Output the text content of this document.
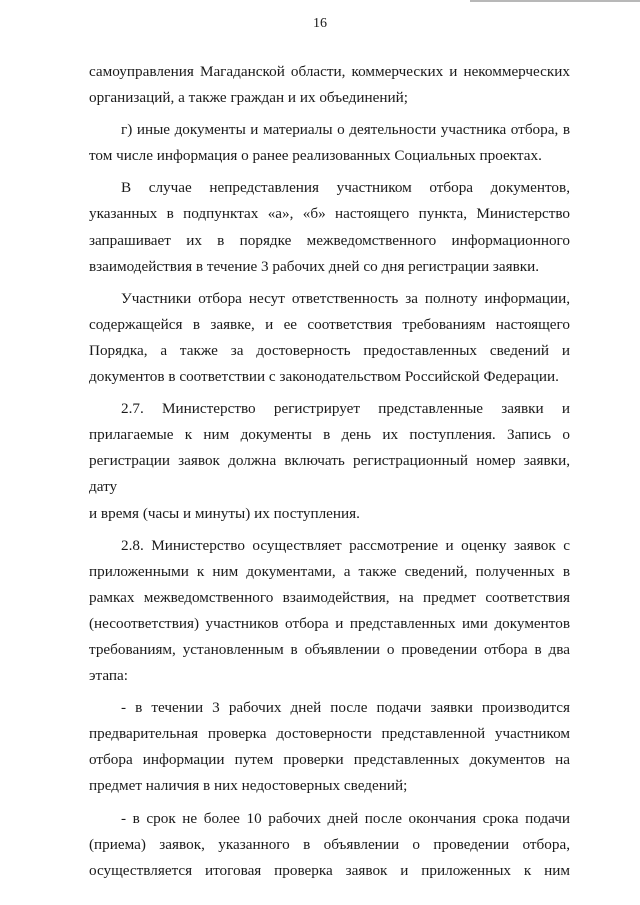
16

самоуправления Магаданской области, коммерческих и некоммерческих

организаций, а также граждан и их объединений;

г) иные документы и материалы о деятельности участника отбора, в

том числе информация о ранее реализованных Социальных проектах.

В случае непредставления участником отбора документов,

указанных в подпунктах «а», «б» настоящего пункта, Министерство

запрашивает их в порядке межведомственного информационного

взаимодействия в течение 3 рабочих дней со дня регистрации заявки.

Участники отбора несут ответственность за полноту информации,

содержащейся в заявке, и ее соответствия требованиям настоящего

Порядка, а также за достоверность предоставленных сведений и

документов в соответствии с законодательством Российской Федерации.

2.7. Министерство регистрирует представленные заявки и

прилагаемые к ним документы в день их поступления. Запись о

регистрации заявок должна включать регистрационный номер заявки, дату

и время (часы и минуты) их поступления.

2.8. Министерство осуществляет рассмотрение и оценку заявок с

приложенными к ним документами, а также сведений, полученных в

рамках межведомственного взаимодействия, на предмет соответствия

(несоответствия) участников отбора и представленных ими документов

требованиям, установленным в объявлении о проведении отбора в два

этапа:

- в течении 3 рабочих дней после подачи заявки производится

предварительная проверка достоверности представленной участником

отбора информации путем проверки представленных документов на

предмет наличия в них недостоверных сведений;

- в срок не более 10 рабочих дней после окончания срока подачи

(приема) заявок, указанного в объявлении о проведении отбора,

осуществляется итоговая проверка заявок и приложенных к ним
